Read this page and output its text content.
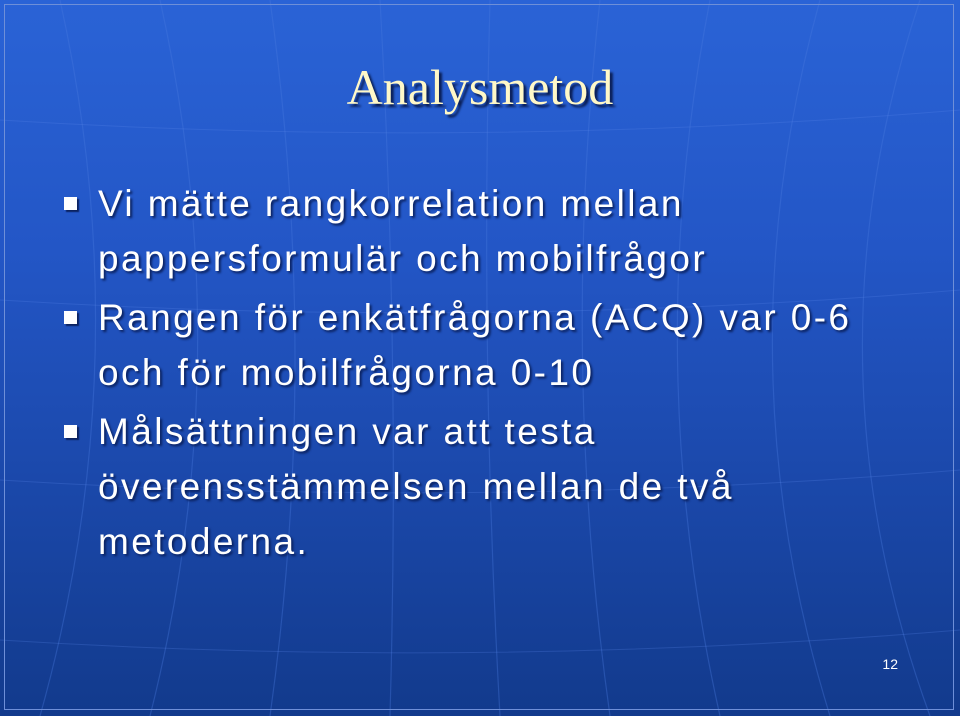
Analysmetod
Vi mätte rangkorrelation mellan pappersformulär och mobilfrågor
Rangen för enkätfrågorna (ACQ) var 0-6 och för mobilfrågorna 0-10
Målsättningen var att testa överensstämmelsen mellan de två metoderna.
12
